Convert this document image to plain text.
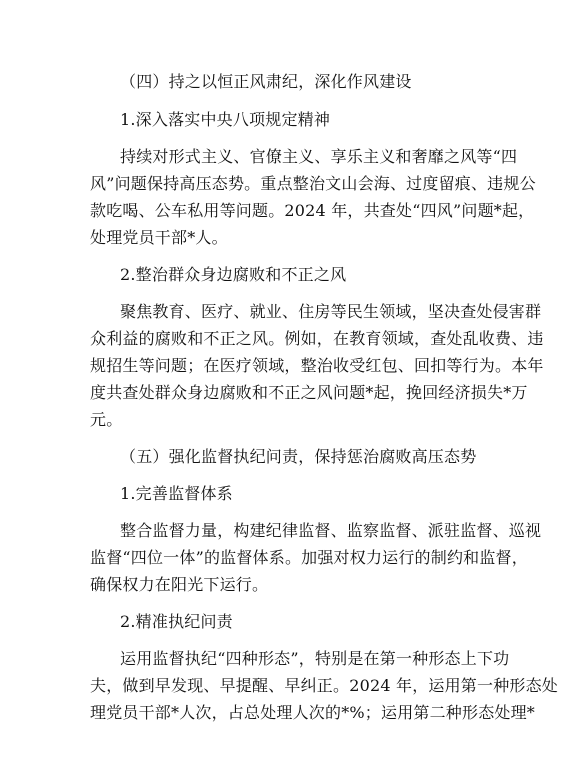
（四）持之以恒正风肃纪，深化作风建设
1.深入落实中央八项规定精神
持续对形式主义、官僚主义、享乐主义和奢靡之风等“四
风”问题保持高压态势。重点整治文山会海、过度留痕、违规公
款吃喝、公车私用等问题。2024 年，共查处“四风”问题*起，
处理党员干部*人。
2.整治群众身边腐败和不正之风
聚焦教育、医疗、就业、住房等民生领域，坚决查处侵害群
众利益的腐败和不正之风。例如，在教育领域，查处乱收费、违
规招生等问题；在医疗领域，整治收受红包、回扣等行为。本年
度共查处群众身边腐败和不正之风问题*起，挽回经济损失*万
元。
（五）强化监督执纪问责，保持惩治腐败高压态势
1.完善监督体系
整合监督力量，构建纪律监督、监察监督、派驻监督、巡视
监督“四位一体”的监督体系。加强对权力运行的制约和监督，
确保权力在阳光下运行。
2.精准执纪问责
运用监督执纪“四种形态”，特别是在第一种形态上下功
夫，做到早发现、早提醒、早纠正。2024 年，运用第一种形态处
理党员干部*人次，占总处理人次的*%；运用第二种形态处理*
